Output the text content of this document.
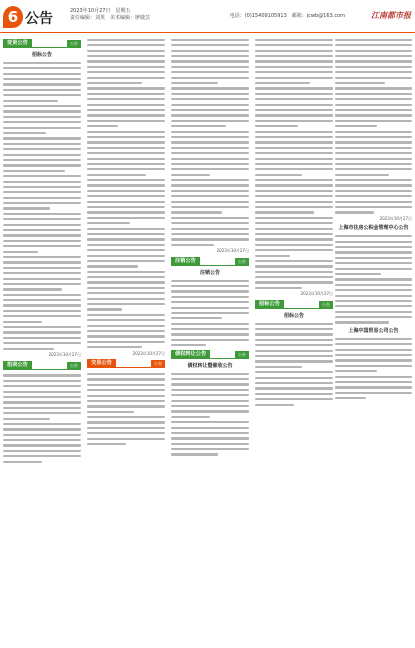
6 公告	2023年10月27日　星期五
责任编辑：刘英　美术编辑：廖婕芸	电话：(0)15409105913　邮箱：jcwb@163.com	江南都市报
变更公告	公告
招标公告
2023年10月27日
拍卖公告	公告
2023年10月27日
交易公告	公告
2023年10月27日
注销公告	公告
注销公告
债权转让公告	公告
债权转让暨催收公告
2023年10月27日
招标公告	公告
招标公告
2023年10月27日
上海市住房公积金管理中心公告
上海中国贸易公司公告
